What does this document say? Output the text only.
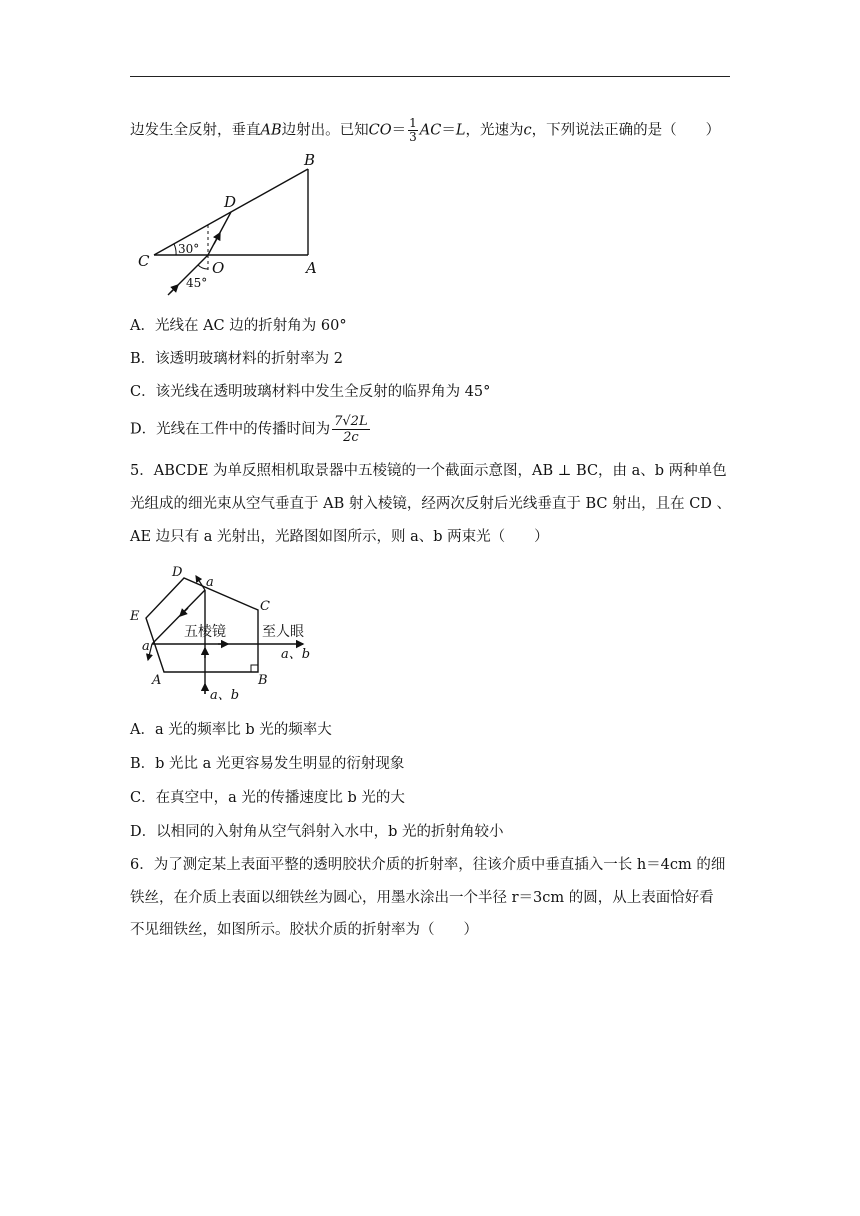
边发生全反射，垂直AB边射出。已知$CO= \frac{1}{3} AC=L$，光速为c，下列说法正确的是（　　）
B
D
C	O	A
30°
45°
A．光线在 AC 边的折射角为 60°
B．该透明玻璃材料的折射率为 2
C．该光线在透明玻璃材料中发生全反射的临界角为 45°
D．光线在工件中的传播时间为 $\frac{7√2L}{2c}$
5．ABCDE 为单反照相机取景器中五棱镜的一个截面示意图，AB ⊥ BC，由 a、b 两种单色
光组成的细光束从空气垂直于 AB 射入棱镜，经两次反射后光线垂直于 BC 射出，且在 CD 、
AE 边只有 a 光射出，光路图如图所示，则 a、b 两束光（　　）
D
a
E
C
五棱镜	至人眼
a
a、b
A	B
a、b
A．a 光的频率比 b 光的频率大
B．b 光比 a 光更容易发生明显的衍射现象
C．在真空中，a 光的传播速度比 b 光的大
D．以相同的入射角从空气斜射入水中，b 光的折射角较小
6．为了测定某上表面平整的透明胶状介质的折射率，往该介质中垂直插入一长 h＝4cm 的细
铁丝，在介质上表面以细铁丝为圆心，用墨水涂出一个半径 r＝3cm 的圆，从上表面恰好看
不见细铁丝，如图所示。胶状介质的折射率为（　　）
